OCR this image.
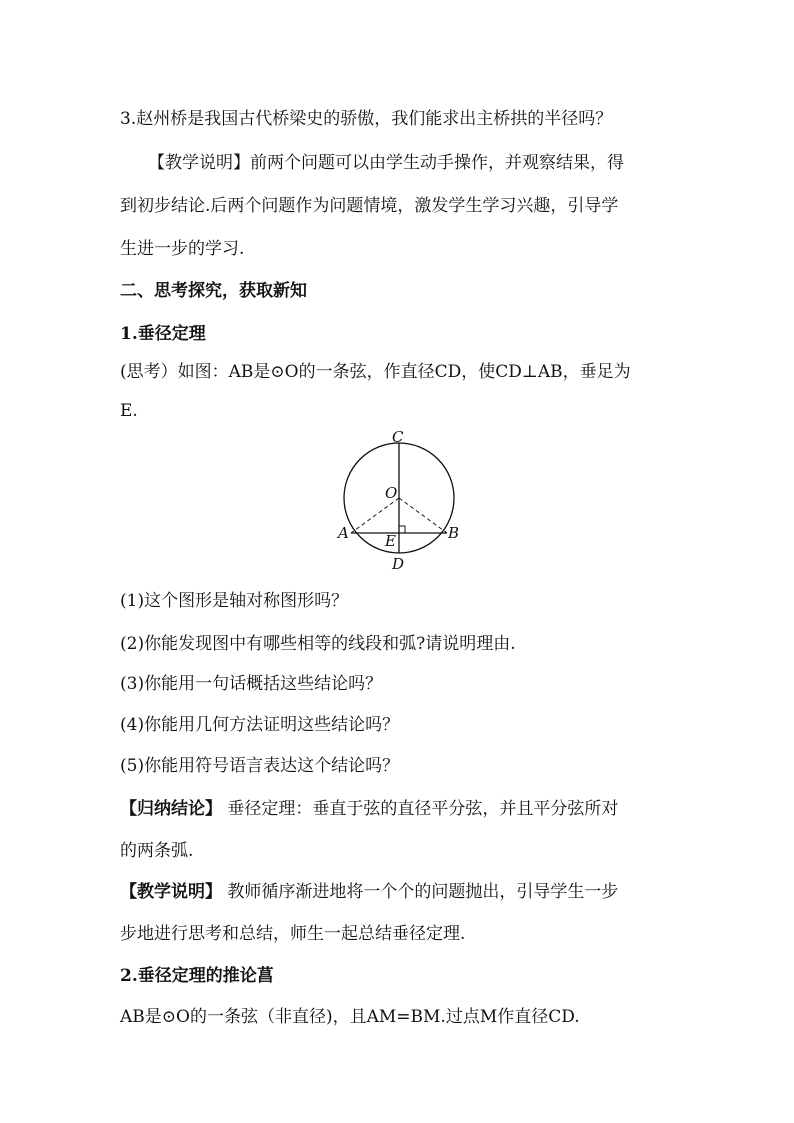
3.赵州桥是我国古代桥梁史的骄傲，我们能求出主桥拱的半径吗？
【教学说明】前两个问题可以由学生动手操作，并观察结果，得
到初步结论.后两个问题作为问题情境，激发学生学习兴趣，引导学
生进一步的学习.
二、思考探究，获取新知
1.垂径定理
(思考）如图：AB是⊙O的一条弦，作直径CD，使CD⊥AB，垂足为
E.
C
O
A	B
E
D
(1)这个图形是轴对称图形吗？
(2)你能发现图中有哪些相等的线段和弧?请说明理由.
(3)你能用一句话概括这些结论吗？
(4)你能用几何方法证明这些结论吗？
(5)你能用符号语言表达这个结论吗？
【归纳结论】 垂径定理：垂直于弦的直径平分弦，并且平分弦所对
的两条弧.
【教学说明】 教师循序渐进地将一个个的问题抛出，引导学生一步
步地进行思考和总结，师生一起总结垂径定理.
2.垂径定理的推论菖
AB是⊙O的一条弦（非直径)，且AM=BM.过点M作直径CD.
